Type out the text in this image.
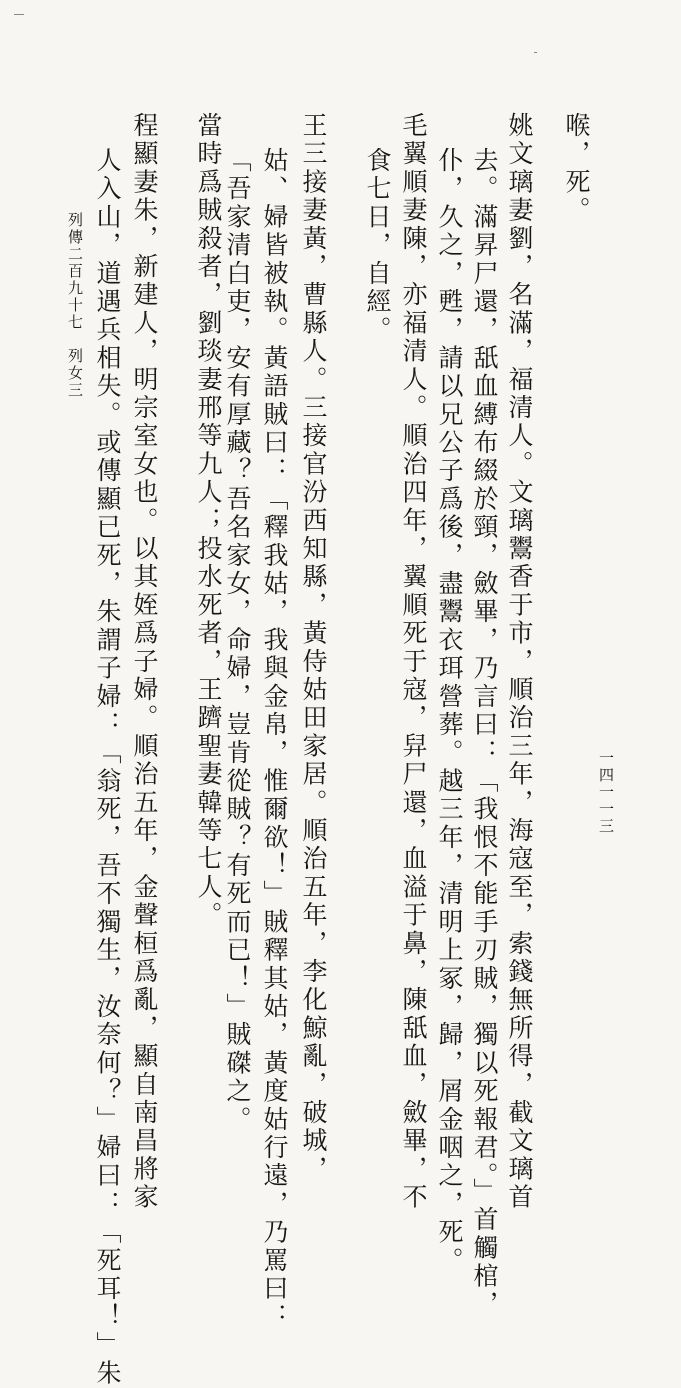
喉，死。
姚文璃妻劉，名滿，福清人。文璃鬻香于市，順治三年，海寇至，索錢無所得，截文璃首
去。滿昇尸還，舐血縛布綴於頸，斂畢，乃言曰：「我恨不能手刃賊，獨以死報君。」首觸棺，
仆，久之，甦，請以兄公子爲後，盡鬻衣珥營葬。越三年，清明上冢，歸，屑金咽之，死。
毛翼順妻陳，亦福清人。順治四年，翼順死于寇，舁尸還，血溢于鼻，陳舐血，斂畢，不
食七日，自經。
王三接妻黃，曹縣人。三接官汾西知縣，黃侍姑田家居。順治五年，李化鯨亂，破城，
姑、婦皆被執。黃語賊曰：「釋我姑，我與金帛，惟爾欲！」賊釋其姑，黃度姑行遠，乃罵曰：
「吾家清白吏，安有厚藏？吾名家女，命婦，豈肯從賊？有死而已！」賊磔之。
當時爲賊殺者，劉琰妻邢等九人；投水死者，王躋聖妻韓等七人。
程顯妻朱，新建人，明宗室女也。以其姪爲子婦。順治五年，金聲桓爲亂，顯自南昌將家
人入山，道遇兵相失。或傳顯已死，朱謂子婦：「翁死，吾不獨生，汝奈何？」婦曰：「死耳！」朱	一四一一三
列傳二百九十七　列女三
